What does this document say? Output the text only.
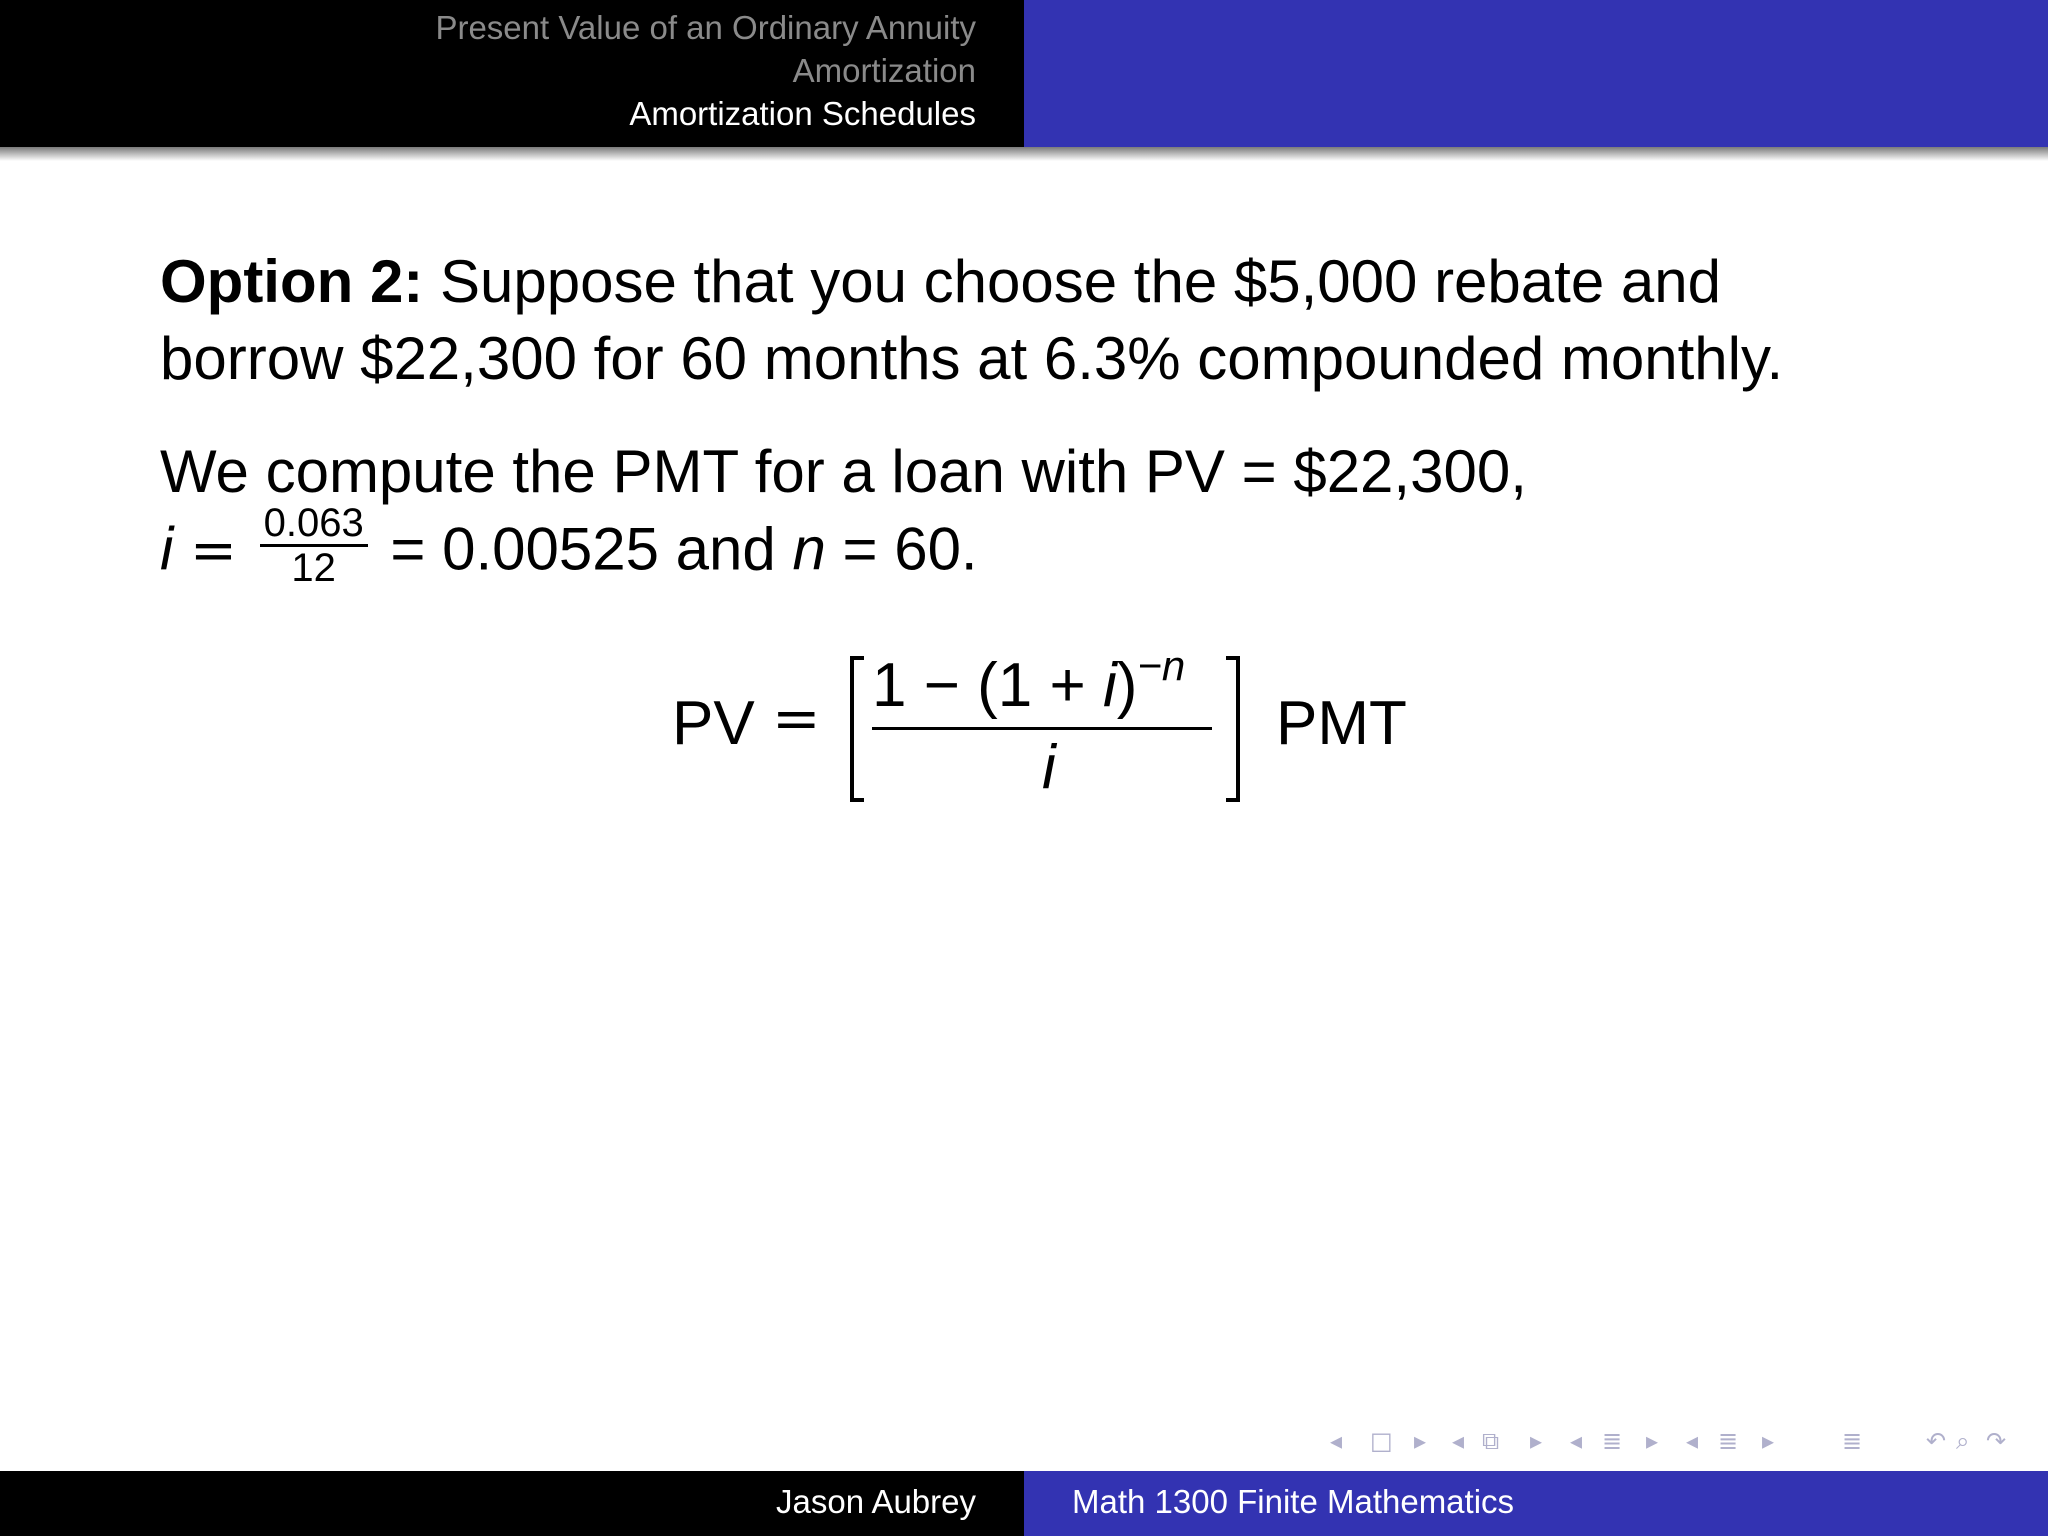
Present Value of an Ordinary Annuity
Amortization
Amortization Schedules
Option 2: Suppose that you choose the $5,000 rebate and
borrow $22,300 for 60 months at 6.3% compounded monthly.
We compute the PMT for a loan with PV = $22,300,
$i = \frac{0.063}{12} = 0.00525$ and n = 60.
PV = $1 - (1 + i)^{-n}$
i
PMT
◂ □ ▸ ◂ ⧉ ▸ ◂ ≣ ▸ ◂ ≣ ▸	≣	↶ ⌕ ↷
Jason Aubrey	Math 1300 Finite Mathematics
